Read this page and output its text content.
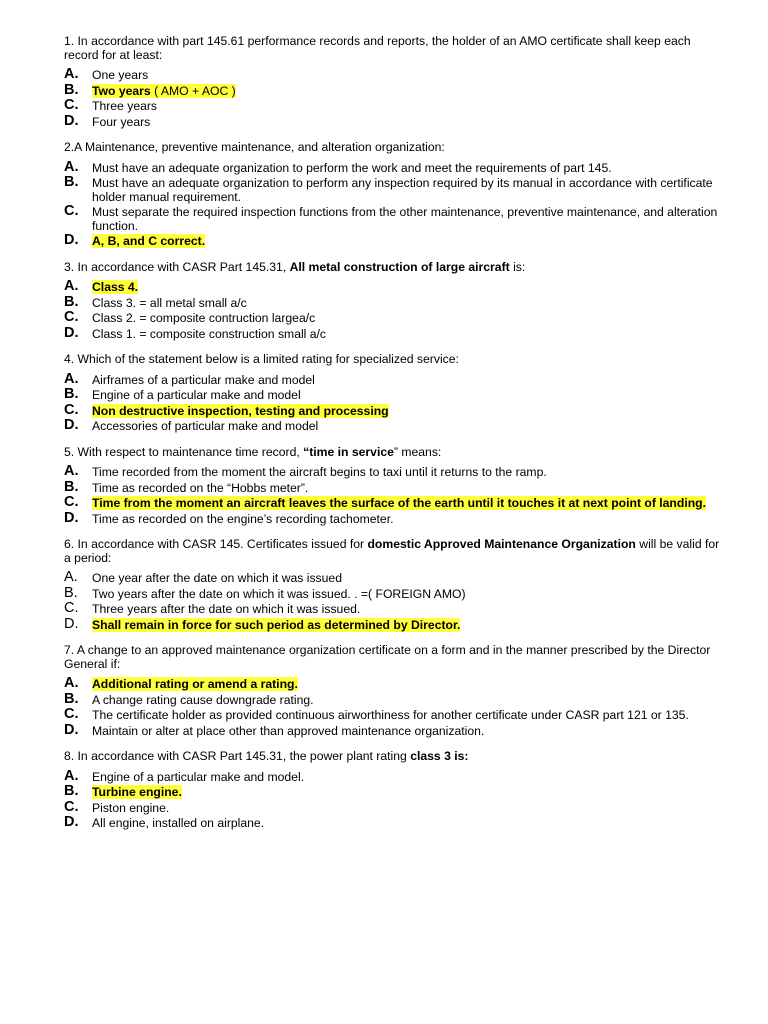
1. In accordance with part 145.61 performance records and reports, the holder of an AMO certificate shall keep each record for at least:

A. One years
B. Two years ( AMO + AOC )
C. Three years
D. Four years

2.A Maintenance, preventive maintenance, and alteration organization:

A. Must have an adequate organization to perform the work and meet the requirements of part 145.
B. Must have an adequate organization to perform any inspection required by its manual in accordance with certificate holder manual requirement.
C. Must separate the required inspection functions from the other maintenance, preventive maintenance, and alteration function.
D. A, B, and C correct.

3. In accordance with CASR Part 145.31, All metal construction of large aircraft is:

A. Class 4.
B. Class 3. = all metal small a/c
C. Class 2. = composite contruction largea/c
D. Class 1. = composite construction small a/c

4. Which of the statement below is a limited rating for specialized service:

A. Airframes of a particular make and model
B. Engine of a particular make and model
C. Non destructive inspection, testing and processing
D. Accessories of particular make and model

5. With respect to maintenance time record, “time in service” means:

A. Time recorded from the moment the aircraft begins to taxi until it returns to the ramp.
B. Time as recorded on the “Hobbs meter”.
C. Time from the moment an aircraft leaves the surface of the earth until it touches it at next point of landing.
D. Time as recorded on the engine’s recording tachometer.

6. In accordance with CASR 145. Certificates issued for domestic Approved Maintenance Organization will be valid for a period:

A. One year after the date on which it was issued
B. Two years after the date on which it was issued. . =( FOREIGN AMO)
C. Three years after the date on which it was issued.
D. Shall remain in force for such period as determined by Director.

7. A change to an approved maintenance organization certificate on a form and in the manner prescribed by the Director General if:

A. Additional rating or amend a rating.
B. A change rating cause downgrade rating.
C. The certificate holder as provided continuous airworthiness for another certificate under CASR part 121 or 135.
D. Maintain or alter at place other than approved maintenance organization.

8. In accordance with CASR Part 145.31, the power plant rating class 3 is:

A. Engine of a particular make and model.
B. Turbine engine.
C. Piston engine.
D. All engine, installed on airplane.
